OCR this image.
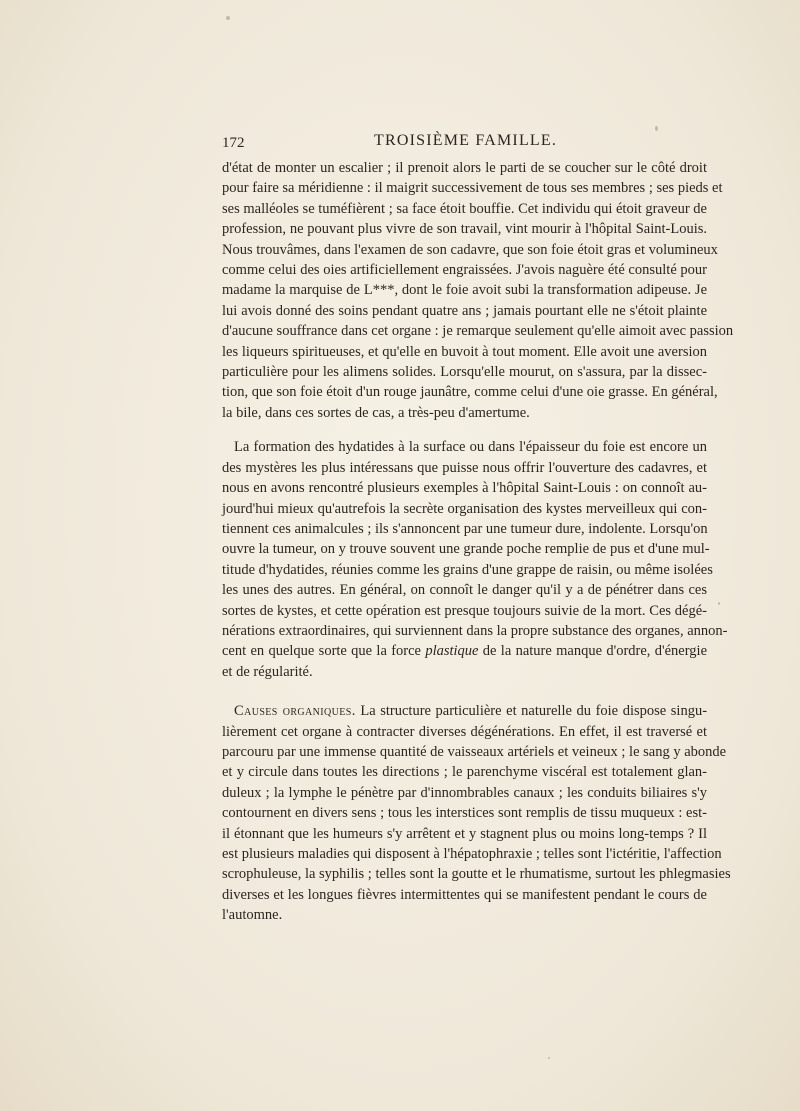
172	TROISIÈME FAMILLE.
d'état de monter un escalier ; il prenoit alors le parti de se coucher sur le côté droit
pour faire sa méridienne : il maigrit successivement de tous ses membres ; ses pieds et
ses malléoles se tuméfièrent ; sa face étoit bouffie. Cet individu qui étoit graveur de
profession, ne pouvant plus vivre de son travail, vint mourir à l'hôpital Saint-Louis.
Nous trouvâmes, dans l'examen de son cadavre, que son foie étoit gras et volumineux
comme celui des oies artificiellement engraissées. J'avois naguère été consulté pour
madame la marquise de L***, dont le foie avoit subi la transformation adipeuse. Je
lui avois donné des soins pendant quatre ans ; jamais pourtant elle ne s'étoit plainte
d'aucune souffrance dans cet organe : je remarque seulement qu'elle aimoit avec passion
les liqueurs spiritueuses, et qu'elle en buvoit à tout moment. Elle avoit une aversion
particulière pour les alimens solides. Lorsqu'elle mourut, on s'assura, par la dissec-
tion, que son foie étoit d'un rouge jaunâtre, comme celui d'une oie grasse. En général,
la bile, dans ces sortes de cas, a très-peu d'amertume.
La formation des hydatides à la surface ou dans l'épaisseur du foie est encore un
des mystères les plus intéressans que puisse nous offrir l'ouverture des cadavres, et
nous en avons rencontré plusieurs exemples à l'hôpital Saint-Louis : on connoît au-
jourd'hui mieux qu'autrefois la secrète organisation des kystes merveilleux qui con-
tiennent ces animalcules ; ils s'annoncent par une tumeur dure, indolente. Lorsqu'on
ouvre la tumeur, on y trouve souvent une grande poche remplie de pus et d'une mul-
titude d'hydatides, réunies comme les grains d'une grappe de raisin, ou même isolées
les unes des autres. En général, on connoît le danger qu'il y a de pénétrer dans ces
sortes de kystes, et cette opération est presque toujours suivie de la mort. Ces dégé-
nérations extraordinaires, qui surviennent dans la propre substance des organes, annon-
cent en quelque sorte que la force plastique de la nature manque d'ordre, d'énergie
et de régularité.
Causes organiques. La structure particulière et naturelle du foie dispose singu-
lièrement cet organe à contracter diverses dégénérations. En effet, il est traversé et
parcouru par une immense quantité de vaisseaux artériels et veineux ; le sang y abonde
et y circule dans toutes les directions ; le parenchyme viscéral est totalement glan-
duleux ; la lymphe le pénètre par d'innombrables canaux ; les conduits biliaires s'y
contournent en divers sens ; tous les interstices sont remplis de tissu muqueux : est-
il étonnant que les humeurs s'y arrêtent et y stagnent plus ou moins long-temps ? Il
est plusieurs maladies qui disposent à l'hépatophraxie ; telles sont l'ictéritie, l'affection
scrophuleuse, la syphilis ; telles sont la goutte et le rhumatisme, surtout les phlegmasies
diverses et les longues fièvres intermittentes qui se manifestent pendant le cours de
l'automne.
